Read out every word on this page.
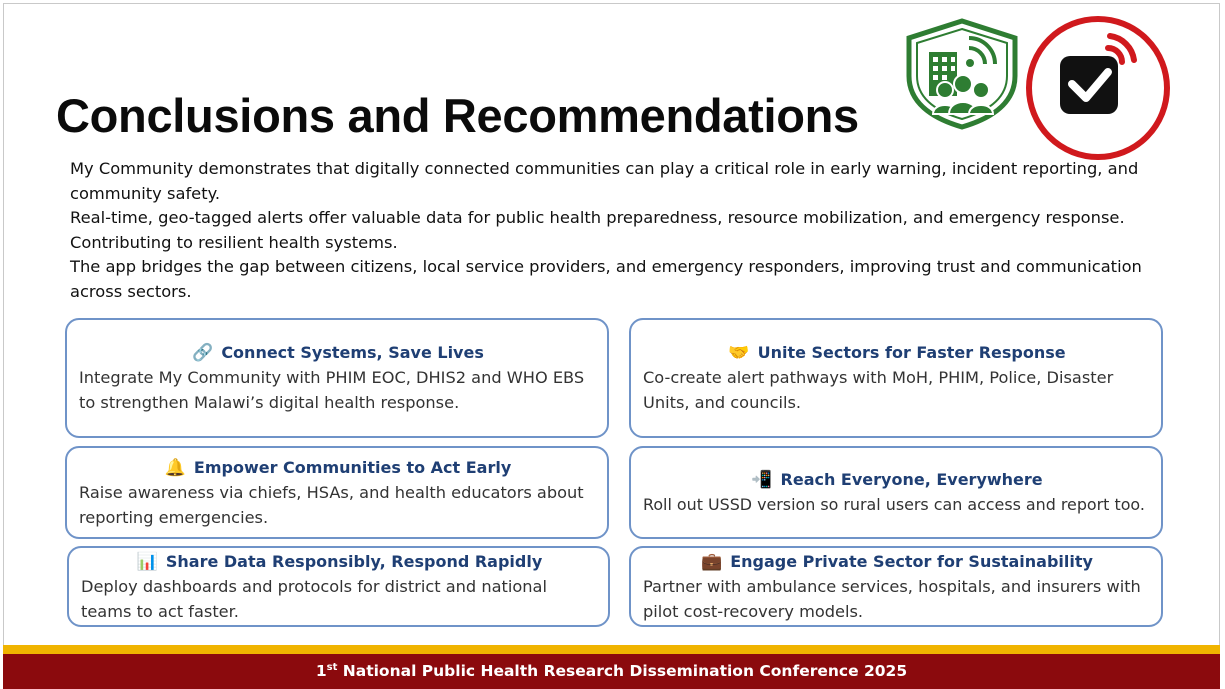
Conclusions and Recommendations

My Community demonstrates that digitally connected communities can play a critical role in early warning, incident reporting, and community safety.

Real-time, geo-tagged alerts offer valuable data for public health preparedness, resource mobilization, and emergency response. Contributing to resilient health systems.

The app bridges the gap between citizens, local service providers, and emergency responders, improving trust and communication across sectors.

🔗 Connect Systems, Save Lives
Integrate My Community with PHIM EOC, DHIS2 and WHO EBS to strengthen Malawi’s digital health response.
🤝 Unite Sectors for Faster Response
Co-create alert pathways with MoH, PHIM, Police, Disaster Units, and councils.
🔔 Empower Communities to Act Early
Raise awareness via chiefs, HSAs, and health educators about reporting emergencies.
📲 Reach Everyone, Everywhere
Roll out USSD version so rural users can access and report too.
📊 Share Data Responsibly, Respond Rapidly
Deploy dashboards and protocols for district and national teams to act faster.
💼 Engage Private Sector for Sustainability
Partner with ambulance services, hospitals, and insurers with pilot cost-recovery models.
1st National Public Health Research Dissemination Conference 2025
